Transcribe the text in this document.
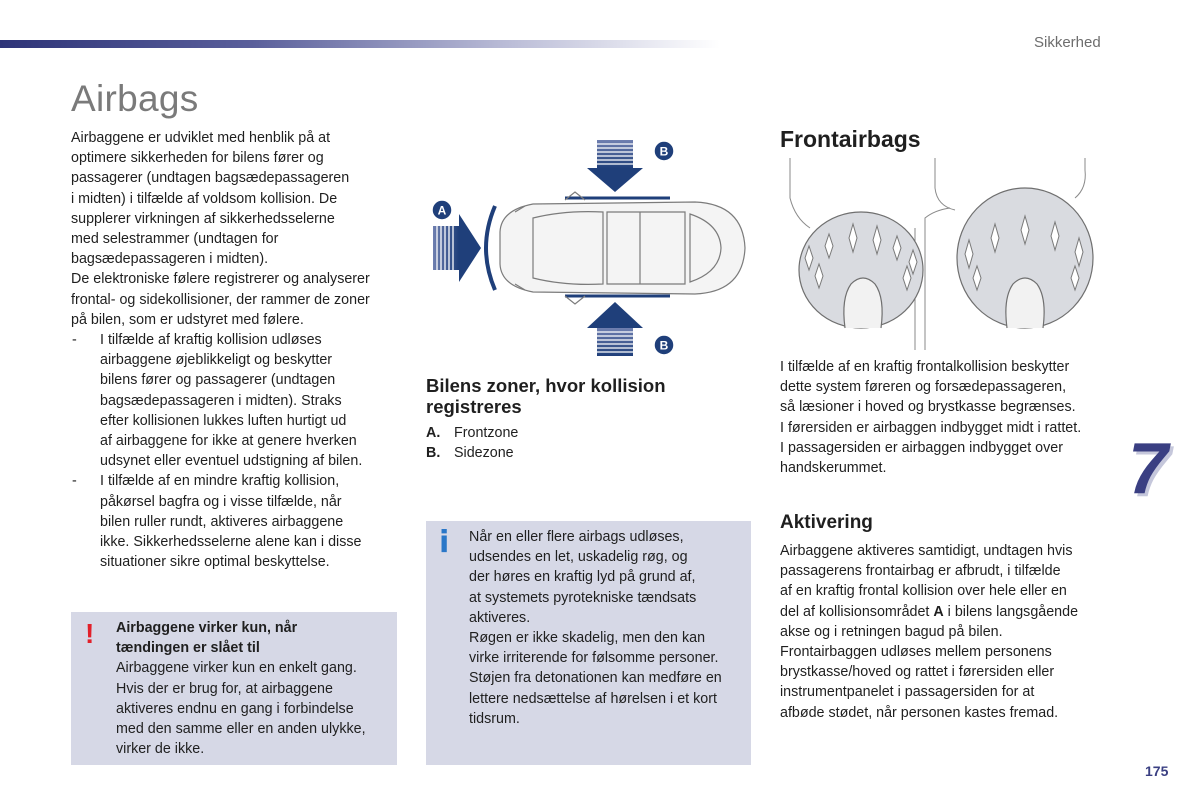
Sikkerhed
Airbags

Airbaggene er udviklet med henblik på at

optimere sikkerheden for bilens fører og

passagerer (undtagen bagsædepassageren

i midten) i tilfælde af voldsom kollision. De

supplerer virkningen af sikkerhedsselerne

med selestrammer (undtagen for

bagsædepassageren i midten).

De elektroniske følere registrerer og analyserer

frontal- og sidekollisioner, der rammer de zoner

på bilen, som er udstyret med følere.

- I tilfælde af kraftig kollision udløses

airbaggene øjeblikkeligt og beskytter

bilens fører og passagerer (undtagen

bagsædepassageren i midten). Straks

efter kollisionen lukkes luften hurtigt ud

af airbaggene for ikke at genere hverken

udsynet eller eventuel udstigning af bilen.

- I tilfælde af en mindre kraftig kollision,

påkørsel bagfra og i visse tilfælde, når

bilen ruller rundt, aktiveres airbaggene

ikke. Sikkerhedsselerne alene kan i disse

situationer sikre optimal beskyttelse.

! Airbaggene virker kun, når

tændingen er slået til

Airbaggene virker kun en enkelt gang.

Hvis der er brug for, at airbaggene

aktiveres endnu en gang i forbindelse

med den samme eller en anden ulykke,

virker de ikke.

A
B
B
Bilens zoner, hvor kollision
registreres
A. Frontzone
B. Sidezone
i Når en eller flere airbags udløses,

udsendes en let, uskadelig røg, og

der høres en kraftig lyd på grund af,

at systemets pyrotekniske tændsats

aktiveres.

Røgen er ikke skadelig, men den kan

virke irriterende for følsomme personer.

Støjen fra detonationen kan medføre en

lettere nedsættelse af hørelsen i et kort

tidsrum.

Frontairbags

I tilfælde af en kraftig frontalkollision beskytter

dette system føreren og forsædepassageren,

så læsioner i hoved og brystkasse begrænses.

I førersiden er airbaggen indbygget midt i rattet.

I passagersiden er airbaggen indbygget over

handskerummet.

Aktivering

Airbaggene aktiveres samtidigt, undtagen hvis

passagerens frontairbag er afbrudt, i tilfælde

af en kraftig frontal kollision over hele eller en

del af kollisionsområdet A i bilens langsgående

akse og i retningen bagud på bilen.

Frontairbaggen udløses mellem personens

brystkasse/hoved og rattet i førersiden eller

instrumentpanelet i passagersiden for at

afbøde stødet, når personen kastes fremad.

7
175
